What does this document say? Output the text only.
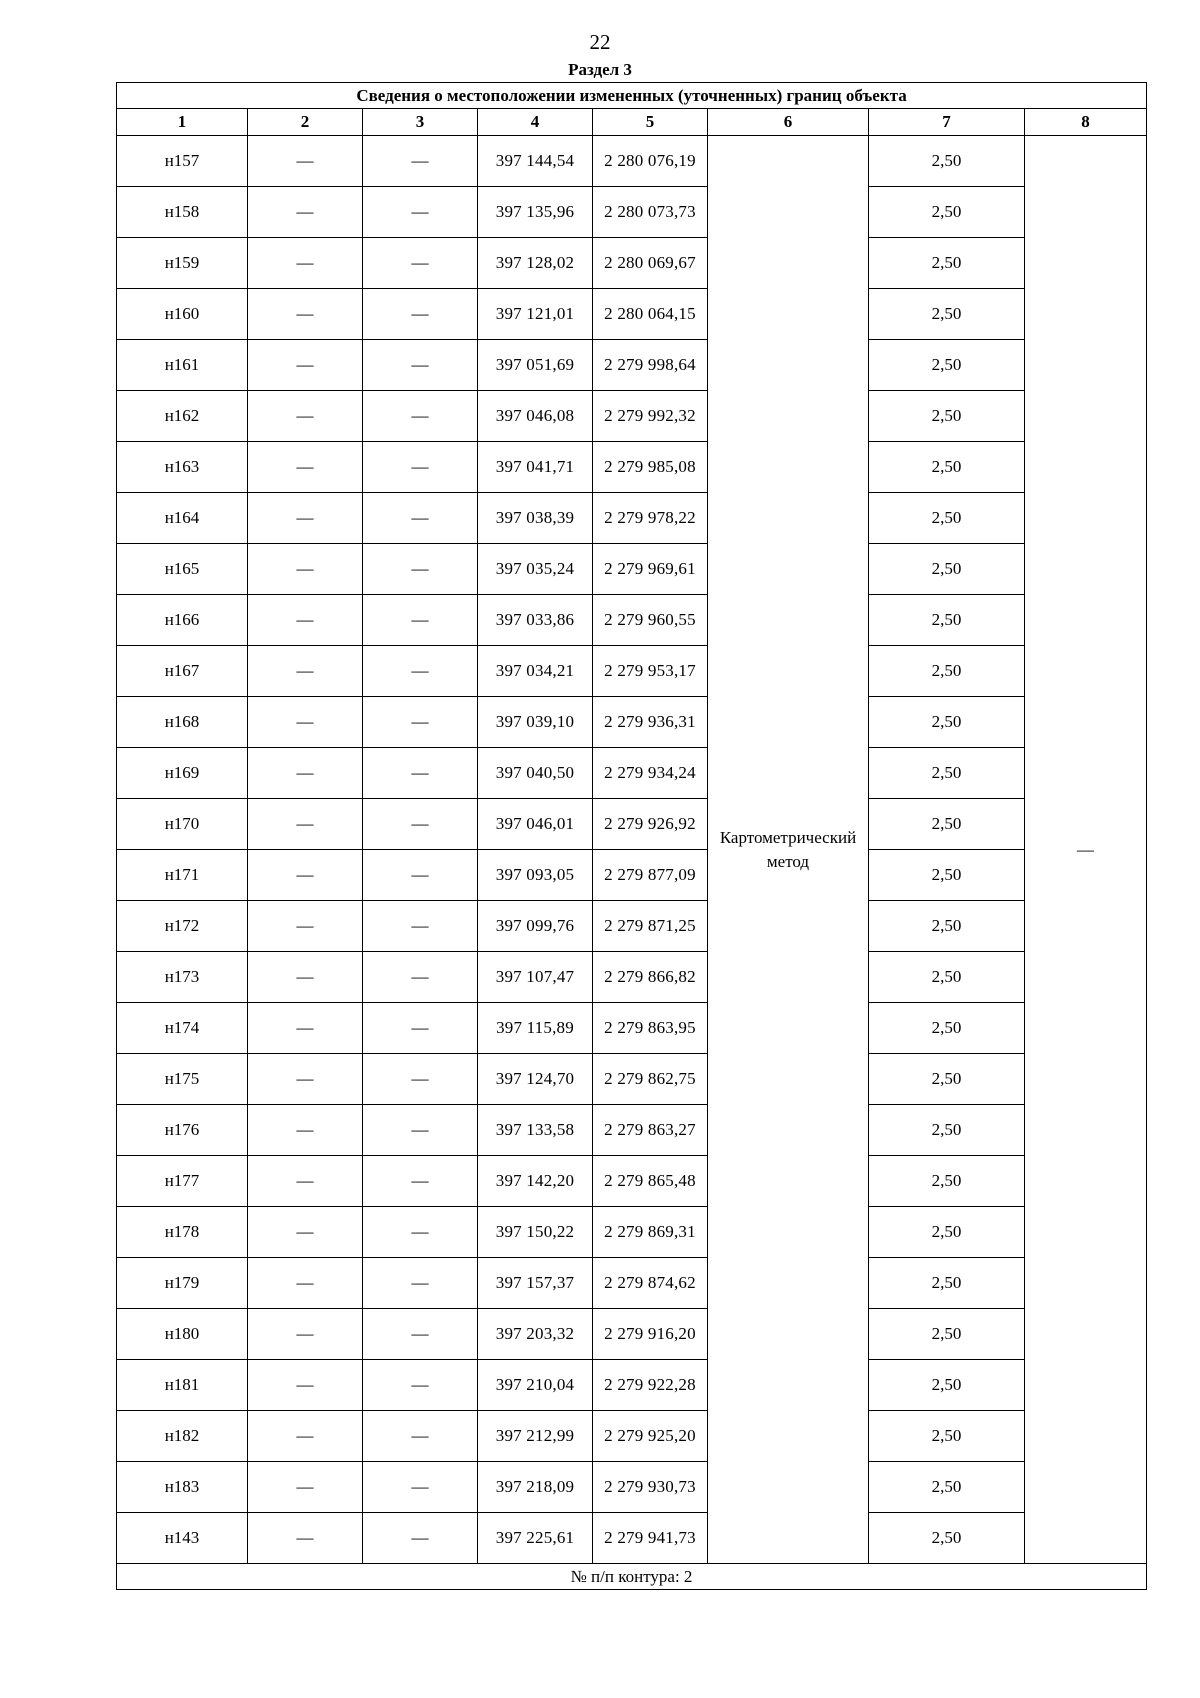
22
Раздел 3
Сведения о местоположении измененных (уточненных) границ объекта							
1	2	3	4	5	6	7	8
н157	—	—	397 144,54	2 280 076,19	Картометрический метод	2,50	—
н158	—	—	397 135,96	2 280 073,73		2,50	
н159	—	—	397 128,02	2 280 069,67		2,50	
н160	—	—	397 121,01	2 280 064,15		2,50	
н161	—	—	397 051,69	2 279 998,64		2,50	
н162	—	—	397 046,08	2 279 992,32		2,50	
н163	—	—	397 041,71	2 279 985,08		2,50	
н164	—	—	397 038,39	2 279 978,22		2,50	
н165	—	—	397 035,24	2 279 969,61		2,50	
н166	—	—	397 033,86	2 279 960,55		2,50	
н167	—	—	397 034,21	2 279 953,17		2,50	
н168	—	—	397 039,10	2 279 936,31		2,50	
н169	—	—	397 040,50	2 279 934,24		2,50	
н170	—	—	397 046,01	2 279 926,92		2,50	
н171	—	—	397 093,05	2 279 877,09		2,50	
н172	—	—	397 099,76	2 279 871,25		2,50	
н173	—	—	397 107,47	2 279 866,82		2,50	
н174	—	—	397 115,89	2 279 863,95		2,50	
н175	—	—	397 124,70	2 279 862,75		2,50	
н176	—	—	397 133,58	2 279 863,27		2,50	
н177	—	—	397 142,20	2 279 865,48		2,50	
н178	—	—	397 150,22	2 279 869,31		2,50	
н179	—	—	397 157,37	2 279 874,62		2,50	
н180	—	—	397 203,32	2 279 916,20		2,50	
н181	—	—	397 210,04	2 279 922,28		2,50	
н182	—	—	397 212,99	2 279 925,20		2,50	
н183	—	—	397 218,09	2 279 930,73		2,50	
н143	—	—	397 225,61	2 279 941,73		2,50	
№ п/п контура: 2							
